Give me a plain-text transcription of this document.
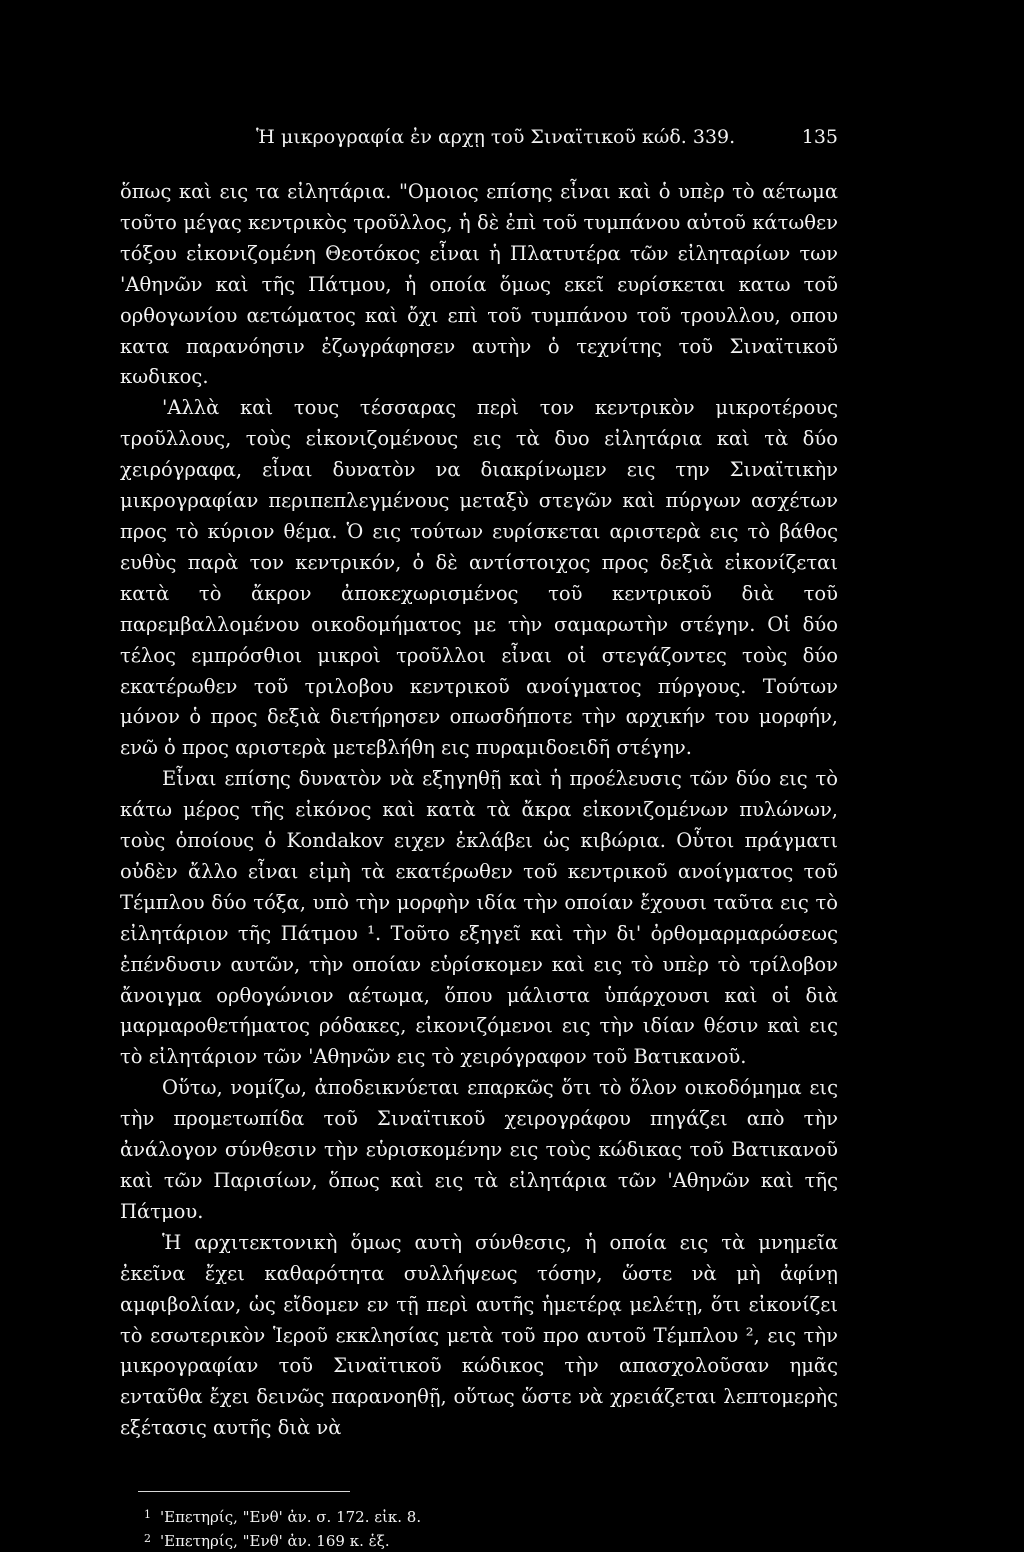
Ἡ μικρογραφία ἐν αρχῃ τοῦ Σιναϊτικοῦ κώδ. 339.	135

ὅπως καὶ εις τα εἰλητάρια. "Ομοιος επίσης εἶναι καὶ ὁ υπὲρ τὸ αέτωμα τοῦτο μέγας κεντρικὸς τροῦλλος, ἡ δὲ ἐπὶ τοῦ τυμπάνου αὐτοῦ κάτωθεν τόξου εἰκονιζομένη Θεοτόκος εἶναι ἡ Πλατυτέρα τῶν εἰληταρίων των 'Αθηνῶν καὶ τῆς Πάτμου, ἡ οποία ὅμως εκεῖ ευρίσκεται κατω τοῦ ορθογωνίου αετώματος καὶ ὄχι επὶ τοῦ τυμπάνου τοῦ τρουλλου, οπου κατα παρανόησιν ἐζωγράφησεν αυτὴν ὁ τεχνίτης τοῦ Σιναϊτικοῦ κωδικος.

'Αλλὰ καὶ τους τέσσαρας περὶ τον κεντρικὸν μικροτέρους τροῦλλους, τοὺς εἰκονιζομένους εις τὰ δυο εἰλητάρια καὶ τὰ δύο χειρόγραφα, εἶναι δυνατὸν να διακρίνωμεν εις την Σιναϊτικὴν μικρογραφίαν περιπεπλεγμένους μεταξὺ στεγῶν καὶ πύργων ασχέτων προς τὸ κύριον θέμα. Ὁ εις τούτων ευρίσκεται αριστερὰ εις τὸ βάθος ευθὺς παρὰ τον κεντρικόν, ὁ δὲ αντίστοιχος προς δεξιὰ εἰκονίζεται κατὰ τὸ ἄκρον ἀποκεχωρισμένος τοῦ κεντρικοῦ διὰ τοῦ παρεμβαλλομένου οικοδομήματος με τὴν σαμαρωτὴν στέγην. Οἱ δύο τέλος εμπρόσθιοι μικροὶ τροῦλλοι εἶναι οἱ στεγάζοντες τοὺς δύο εκατέρωθεν τοῦ τριλοβου κεντρικοῦ ανοίγματος πύργους. Τούτων μόνον ὁ προς δεξιὰ διετήρησεν οπωσδήποτε τὴν αρχικήν του μορφήν, ενῶ ὁ προς αριστερὰ μετεβλήθη εις πυραμιδοειδῆ στέγην.

Εἶναι επίσης δυνατὸν νὰ εξηγηθῇ καὶ ἡ προέλευσις τῶν δύο εις τὸ κάτω μέρος τῆς εἰκόνος καὶ κατὰ τὰ ἄκρα εἰκονιζομένων πυλώνων, τοὺς ὁποίους ὁ Kondakov ειχεν ἐκλάβει ὡς κιβώρια. Οὗτοι πράγματι οὐδὲν ἄλλο εἶναι εἰμὴ τὰ εκατέρωθεν τοῦ κεντρικοῦ ανοίγματος τοῦ Τέμπλου δύο τόξα, υπὸ τὴν μορφὴν ιδία τὴν οποίαν ἔχουσι ταῦτα εις τὸ εἰλητάριον τῆς Πάτμου ¹. Τοῦτο εξηγεῖ καὶ τὴν δι' ὀρθομαρμαρώσεως ἐπένδυσιν αυτῶν, τὴν οποίαν εὑρίσκομεν καὶ εις τὸ υπὲρ τὸ τρίλοβον ἄνοιγμα ορθογώνιον αέτωμα, ὅπου μάλιστα ὑπάρχουσι καὶ οἱ διὰ μαρμαροθετήματος ρόδακες, εἰκονιζόμενοι εις τὴν ιδίαν θέσιν καὶ εις τὸ εἰλητάριον τῶν 'Αθηνῶν εις τὸ χειρόγραφον τοῦ Βατικανοῦ.

Οὕτω, νομίζω, ἀποδεικνύεται επαρκῶς ὅτι τὸ ὅλον οικοδόμημα εις τὴν προμετωπίδα τοῦ Σιναϊτικοῦ χειρογράφου πηγάζει απὸ τὴν ἀνάλογον σύνθεσιν τὴν εὑρισκομένην εις τοὺς κώδικας τοῦ Βατικανοῦ καὶ τῶν Παρισίων, ὅπως καὶ εις τὰ εἰλητάρια τῶν 'Αθηνῶν καὶ τῆς Πάτμου.

Ἡ αρχιτεκτονικὴ ὅμως αυτὴ σύνθεσις, ἡ οποία εις τὰ μνημεῖα ἐκεῖνα ἔχει καθαρότητα συλλήψεως τόσην, ὥστε νὰ μὴ ἀφίνῃ αμφιβολίαν, ὡς εἴδομεν εν τῇ περὶ αυτῆς ἡμετέρᾳ μελέτῃ, ὅτι εἰκονίζει τὸ εσωτερικὸν Ἱεροῦ εκκλησίας μετὰ τοῦ προ αυτοῦ Τέμπλου ², εις τὴν μικρογραφίαν τοῦ Σιναϊτικοῦ κώδικος τὴν απασχολοῦσαν ημᾶς ενταῦθα ἔχει δεινῶς παρανοηθῇ, οὕτως ὥστε νὰ χρειάζεται λεπτομερὴς εξέτασις αυτῆς διὰ νὰ

1 'Επετηρίς, "Ενθ' ἀν. σ. 172. εἰκ. 8.
2 'Επετηρίς, "Ενθ' ἀν. 169 κ. ἑξ.
